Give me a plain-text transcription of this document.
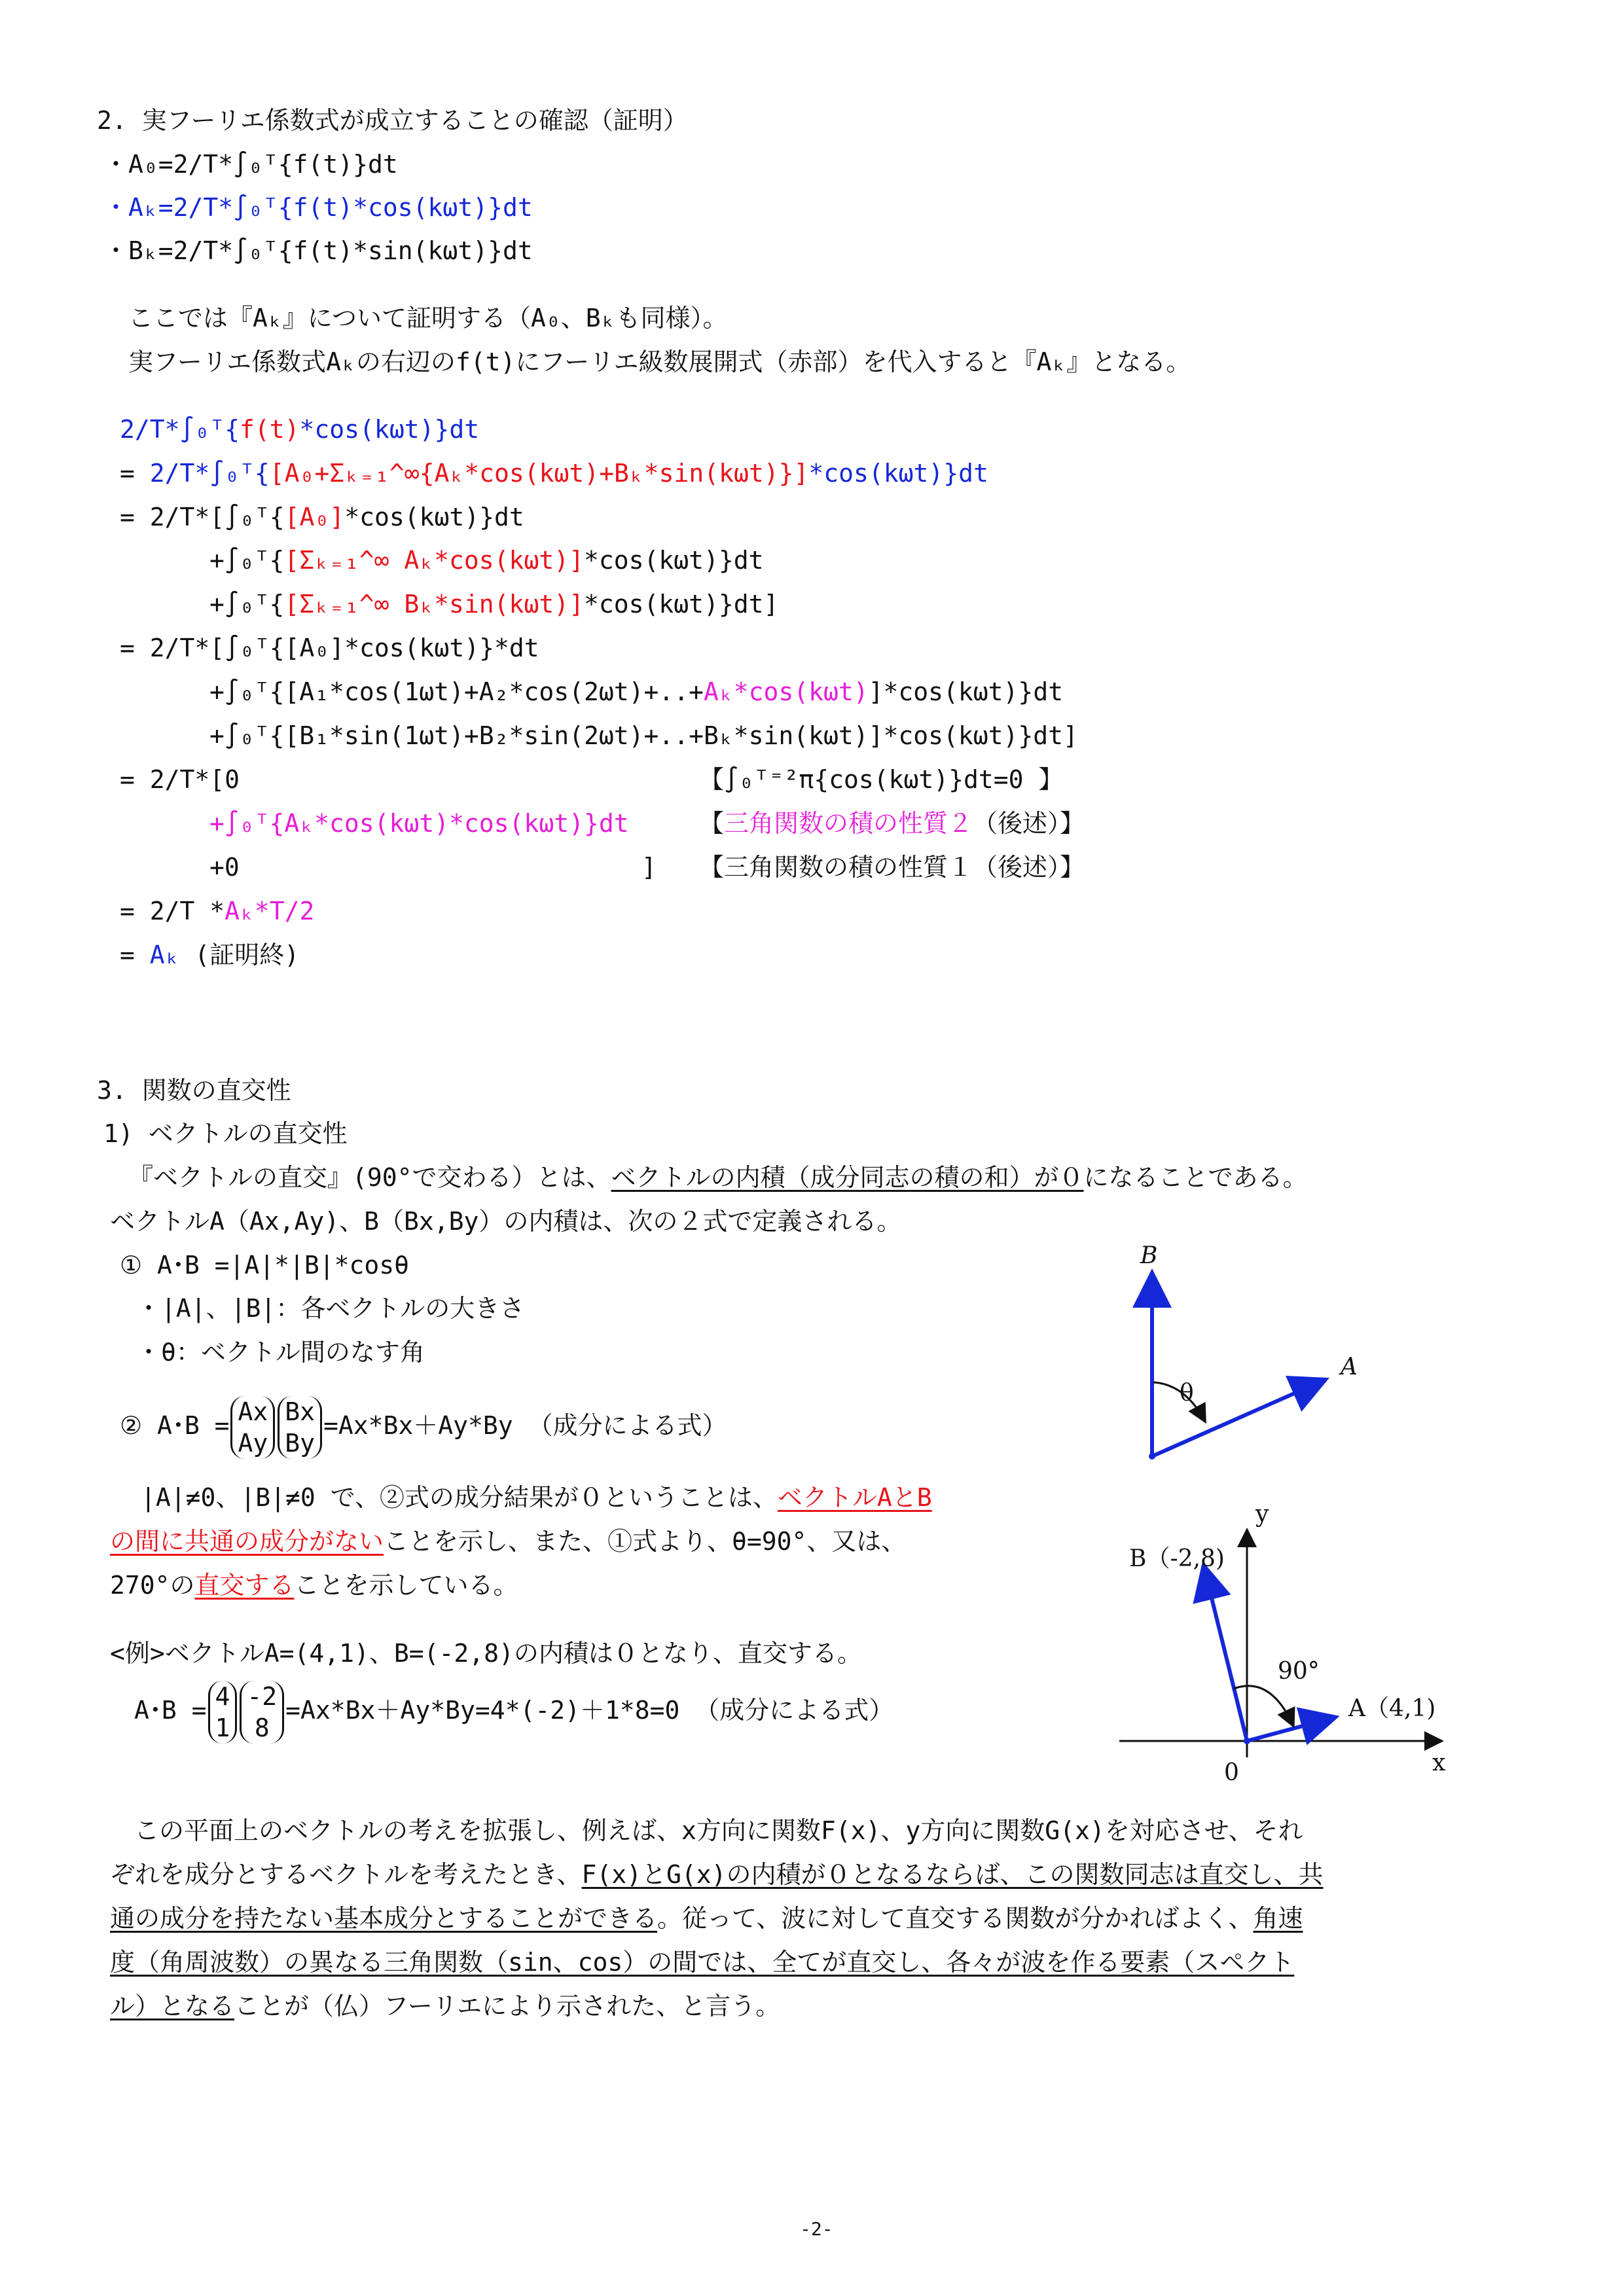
2. 実フーリエ係数式が成立することの確認（証明）
・A₀=2/T*∫₀ᵀ{f(t)}dt
・Aₖ=2/T*∫₀ᵀ{f(t)*cos(kωt)}dt
・Bₖ=2/T*∫₀ᵀ{f(t)*sin(kωt)}dt
ここでは『Aₖ』について証明する（A₀、Bₖも同様）。
実フーリエ係数式Aₖの右辺のf(t)にフーリエ級数展開式（赤部）を代入すると『Aₖ』となる。
2/T*∫₀ᵀ{f(t)*cos(kωt)}dt
= 2/T*∫₀ᵀ{[A₀+Σₖ₌₁^∞{Aₖ*cos(kωt)+Bₖ*sin(kωt)}]*cos(kωt)}dt
= 2/T*[∫₀ᵀ{[A₀]*cos(kωt)}dt
+∫₀ᵀ{[Σₖ₌₁^∞ Aₖ*cos(kωt)]*cos(kωt)}dt
+∫₀ᵀ{[Σₖ₌₁^∞ Bₖ*sin(kωt)]*cos(kωt)}dt]
= 2/T*[∫₀ᵀ{[A₀]*cos(kωt)}*dt
+∫₀ᵀ{[A₁*cos(1ωt)+A₂*cos(2ωt)+..+Aₖ*cos(kωt)]*cos(kωt)}dt
+∫₀ᵀ{[B₁*sin(1ωt)+B₂*sin(2ωt)+..+Bₖ*sin(kωt)]*cos(kωt)}dt]
= 2/T*[0	【∫₀ᵀ⁼²π{cos(kωt)}dt=0 】
+∫₀ᵀ{Aₖ*cos(kωt)*cos(kωt)}dt	【三角関数の積の性質２（後述）】
+0	] 【三角関数の積の性質１（後述）】
= 2/T *Aₖ*T/2
= Aₖ (証明終)
3. 関数の直交性
1) ベクトルの直交性
『ベクトルの直交』(90°で交わる）とは、ベクトルの内積（成分同志の積の和）が０になることである。
ベクトルA（Ax,Ay)、B（Bx,By）の内積は、次の２式で定義される。
① A･B =|A|*|B|*cosθ
・|A|、|B|：各ベクトルの大きさ
・θ：ベクトル間のなす角
② A･B = Ax
Ay
Bx
By
=Ax*Bx＋Ay*By （成分による式）
|A|≠0、|B|≠0 で、②式の成分結果が０ということは、ベクトルAとB
の間に共通の成分がないことを示し、また、①式より、θ=90°、又は、
270°の直交することを示している。
<例>ベクトルA=(4,1)、B=(-2,8)の内積は０となり、直交する。
A･B = 4
1
-2
8
=Ax*Bx＋Ay*By=4*(-2)＋1*8=0 （成分による式）
この平面上のベクトルの考えを拡張し、例えば、x方向に関数F(x)、y方向に関数G(x)を対応させ、それ
ぞれを成分とするベクトルを考えたとき、F(x)とG(x)の内積が０となるならば、この関数同志は直交し、共
通の成分を持たない基本成分とすることができる。従って、波に対して直交する関数が分かればよく、角速
度（角周波数）の異なる三角関数（sin、cos）の間では、全てが直交し、各々が波を作る要素（スペクト
ル）となることが（仏）フーリエにより示された、と言う。
B
A
θ
y
x
B（-2,8)
A（4,1)
90°
0
-2-
